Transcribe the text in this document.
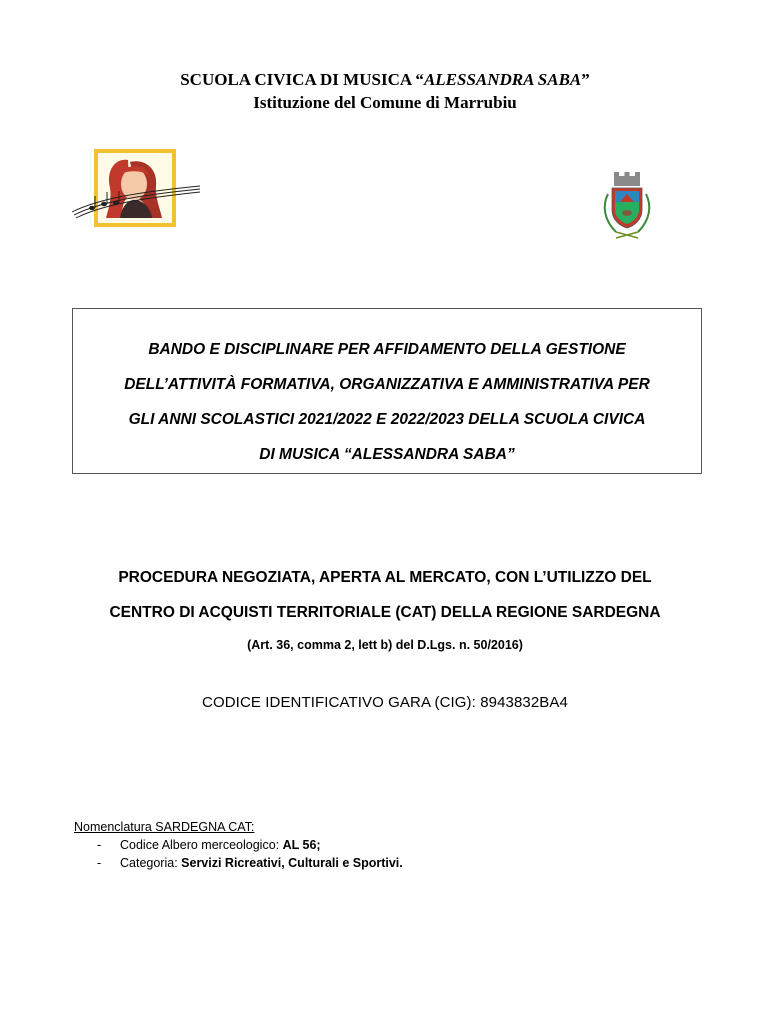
SCUOLA CIVICA DI MUSICA “ALESSANDRA SABA”
Istituzione del Comune di Marrubiu

BANDO E DISCIPLINARE PER AFFIDAMENTO DELLA GESTIONE

DELL’ATTIVITÀ FORMATIVA, ORGANIZZATIVA E AMMINISTRATIVA PER

GLI ANNI SCOLASTICI 2021/2022 E 2022/2023 DELLA SCUOLA CIVICA

DI MUSICA “ALESSANDRA SABA”

PROCEDURA NEGOZIATA, APERTA AL MERCATO, CON L’UTILIZZO DEL

CENTRO DI ACQUISTI TERRITORIALE (CAT) DELLA REGIONE SARDEGNA

(Art. 36, comma 2, lett b) del D.Lgs. n. 50/2016)
CODICE IDENTIFICATIVO GARA (CIG): 8943832BA4
Nomenclatura SARDEGNA CAT:
- Codice Albero merceologico: AL 56;
- Categoria: Servizi Ricreativi, Culturali e Sportivi.
